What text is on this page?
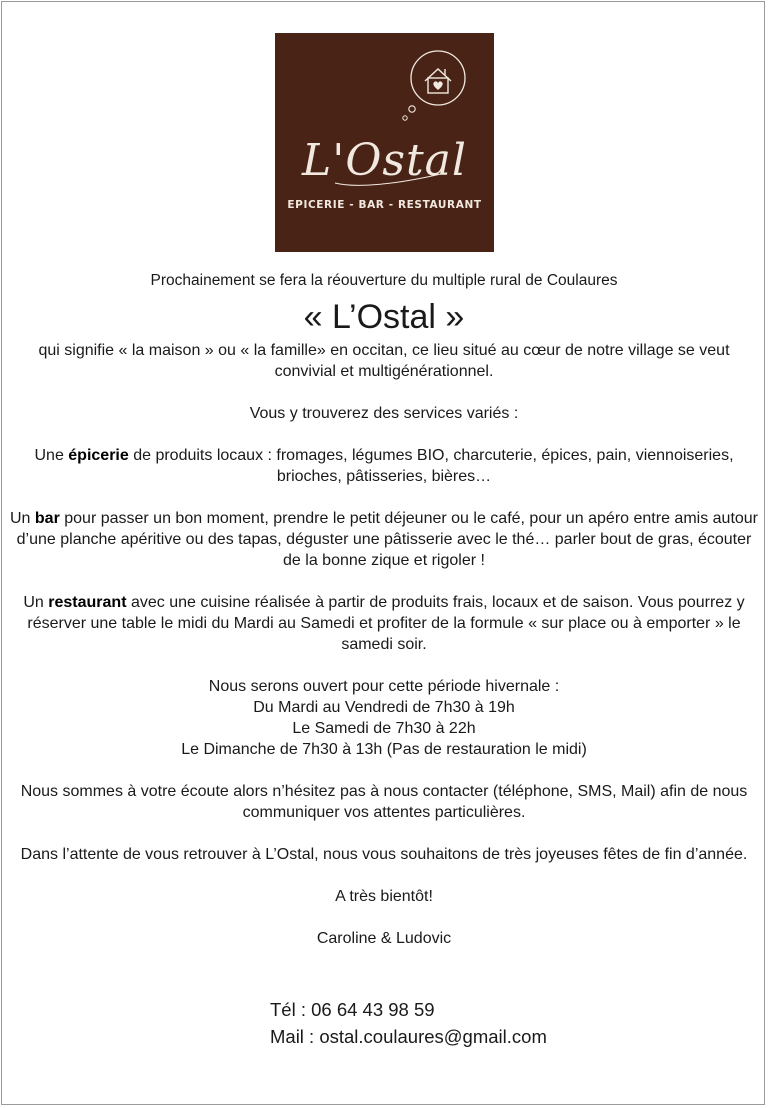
L'Ostal
EPICERIE - BAR - RESTAURANT

Prochainement se fera la réouverture du multiple rural de Coulaures

« L’Ostal »

qui signifie « la maison » ou « la famille» en occitan, ce lieu situé au cœur de notre village se veut convivial et multigénérationnel.

Vous y trouverez des services variés :

Une épicerie de produits locaux : fromages, légumes BIO, charcuterie, épices, pain, viennoiseries, brioches, pâtisseries, bières…

Un bar pour passer un bon moment, prendre le petit déjeuner ou le café, pour un apéro entre amis autour d’une planche apéritive ou des tapas, déguster une pâtisserie avec le thé… parler bout de gras, écouter de la bonne zique et rigoler !

Un restaurant avec une cuisine réalisée à partir de produits frais, locaux et de saison. Vous pourrez y réserver une table le midi du Mardi au Samedi et profiter de la formule « sur place ou à emporter » le samedi soir.

Nous serons ouvert pour cette période hivernale :

Du Mardi au Vendredi de 7h30 à 19h

Le Samedi de 7h30 à 22h

Le Dimanche de 7h30 à 13h (Pas de restauration le midi)

Nous sommes à votre écoute alors n’hésitez pas à nous contacter (téléphone, SMS, Mail) afin de nous communiquer vos attentes particulières.

Dans l’attente de vous retrouver à L’Ostal, nous vous souhaitons de très joyeuses fêtes de fin d’année.

A très bientôt!

Caroline & Ludovic

Tél : 06 64 43 98 59
Mail : ostal.coulaures@gmail.com
